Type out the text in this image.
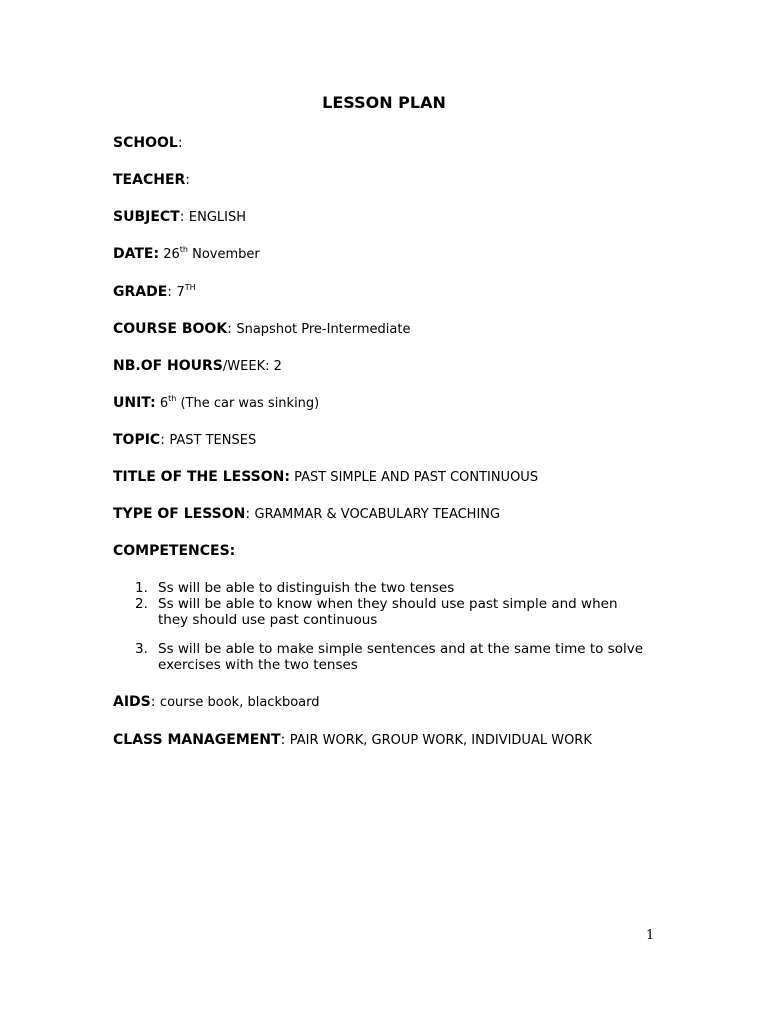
LESSON PLAN
SCHOOL:
TEACHER:
SUBJECT: ENGLISH
DATE: 26th November
GRADE: 7TH
COURSE BOOK: Snapshot Pre-Intermediate
NB.OF HOURS/WEEK: 2
UNIT: 6th (The car was sinking)
TOPIC: PAST TENSES
TITLE OF THE LESSON: PAST SIMPLE AND PAST CONTINUOUS
TYPE OF LESSON: GRAMMAR & VOCABULARY TEACHING
COMPETENCES:
1. Ss will be able to distinguish the two tenses
2. Ss will be able to know when they should use past simple and when
they should use past continuous
3. Ss will be able to make simple sentences and at the same time to solve
exercises with the two tenses
AIDS: course book, blackboard
CLASS MANAGEMENT: PAIR WORK, GROUP WORK, INDIVIDUAL WORK
1
